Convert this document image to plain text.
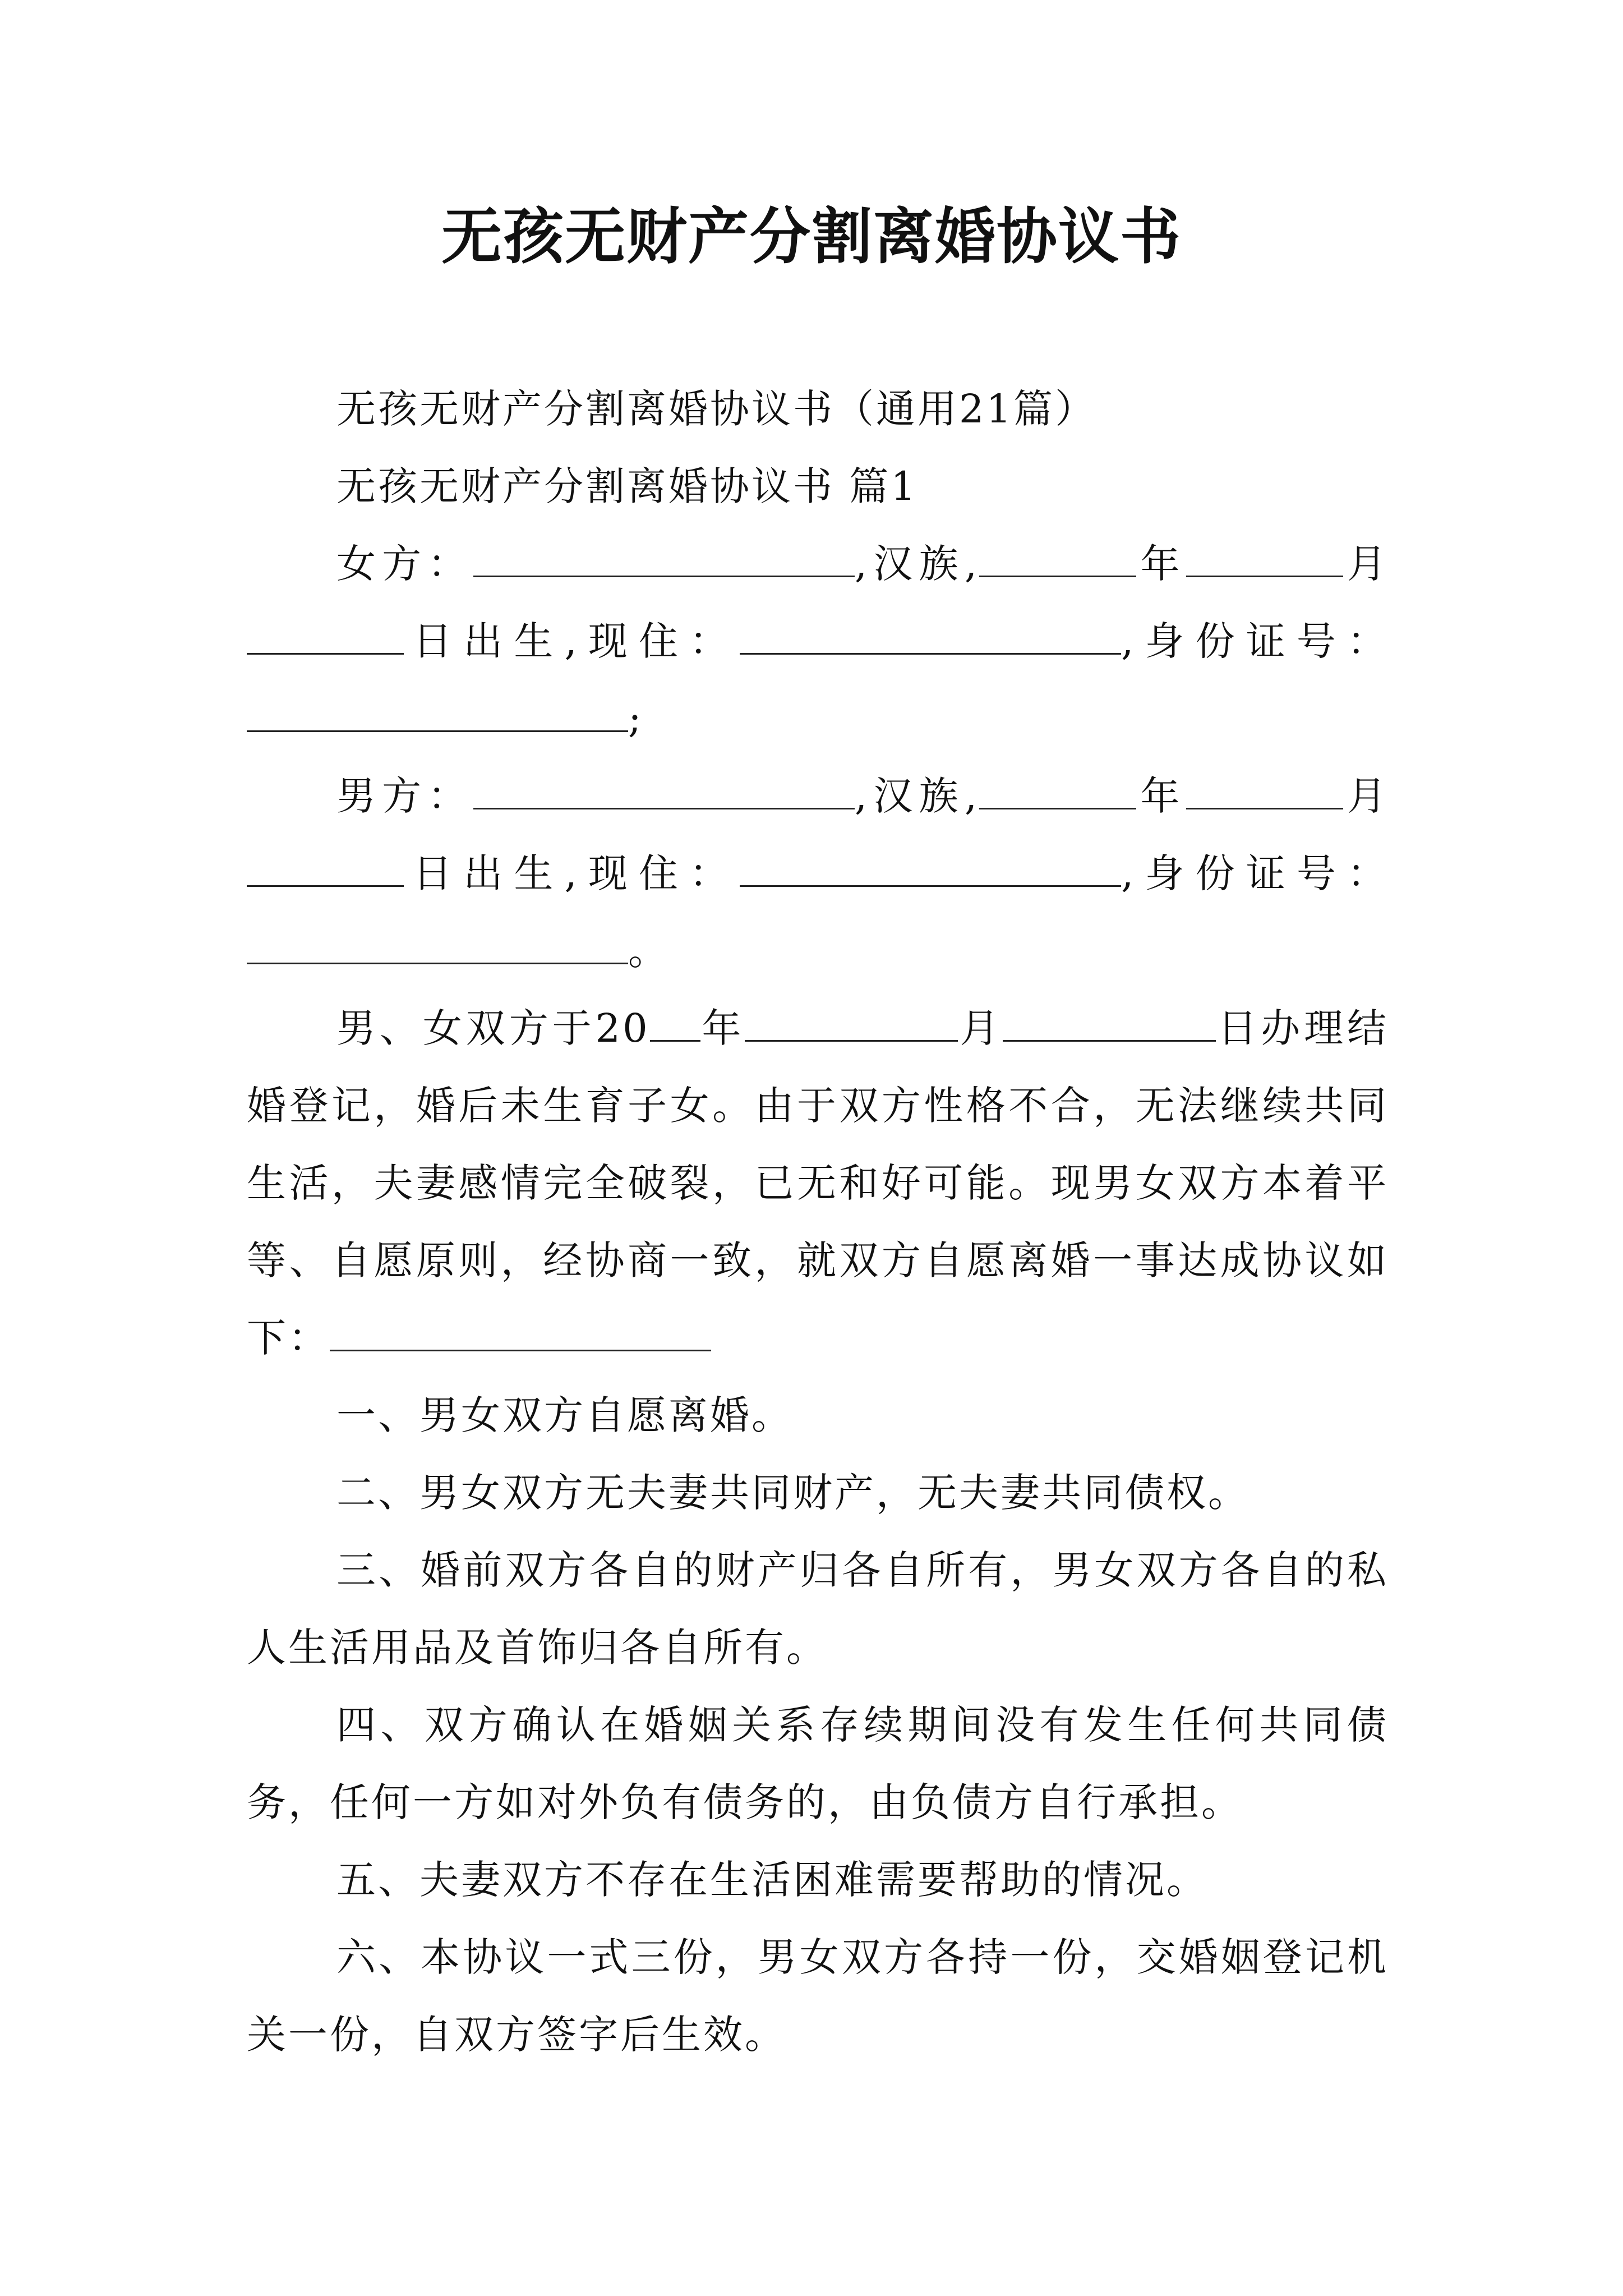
无孩无财产分割离婚协议书

无孩无财产分割离婚协议书（通用21篇）

无孩无财产分割离婚协议书 篇1

女方：	,汉族,	年	月日出生,现住：	,身份证号：;

男方：	,汉族,	年	月日出生,现住：	,身份证号：。

男、女双方于20 年	月	日办理结婚登记，婚后未生育子女。由于双方性格不合，无法继续共同生活，夫妻感情完全破裂，已无和好可能。现男女双方本着平等、自愿原则，经协商一致，就双方自愿离婚一事达成协议如下：

一、男女双方自愿离婚。

二、男女双方无夫妻共同财产，无夫妻共同债权。

三、婚前双方各自的财产归各自所有，男女双方各自的私人生活用品及首饰归各自所有。

四、双方确认在婚姻关系存续期间没有发生任何共同债务，任何一方如对外负有债务的，由负债方自行承担。

五、夫妻双方不存在生活困难需要帮助的情况。

六、本协议一式三份，男女双方各持一份，交婚姻登记机关一份，自双方签字后生效。
